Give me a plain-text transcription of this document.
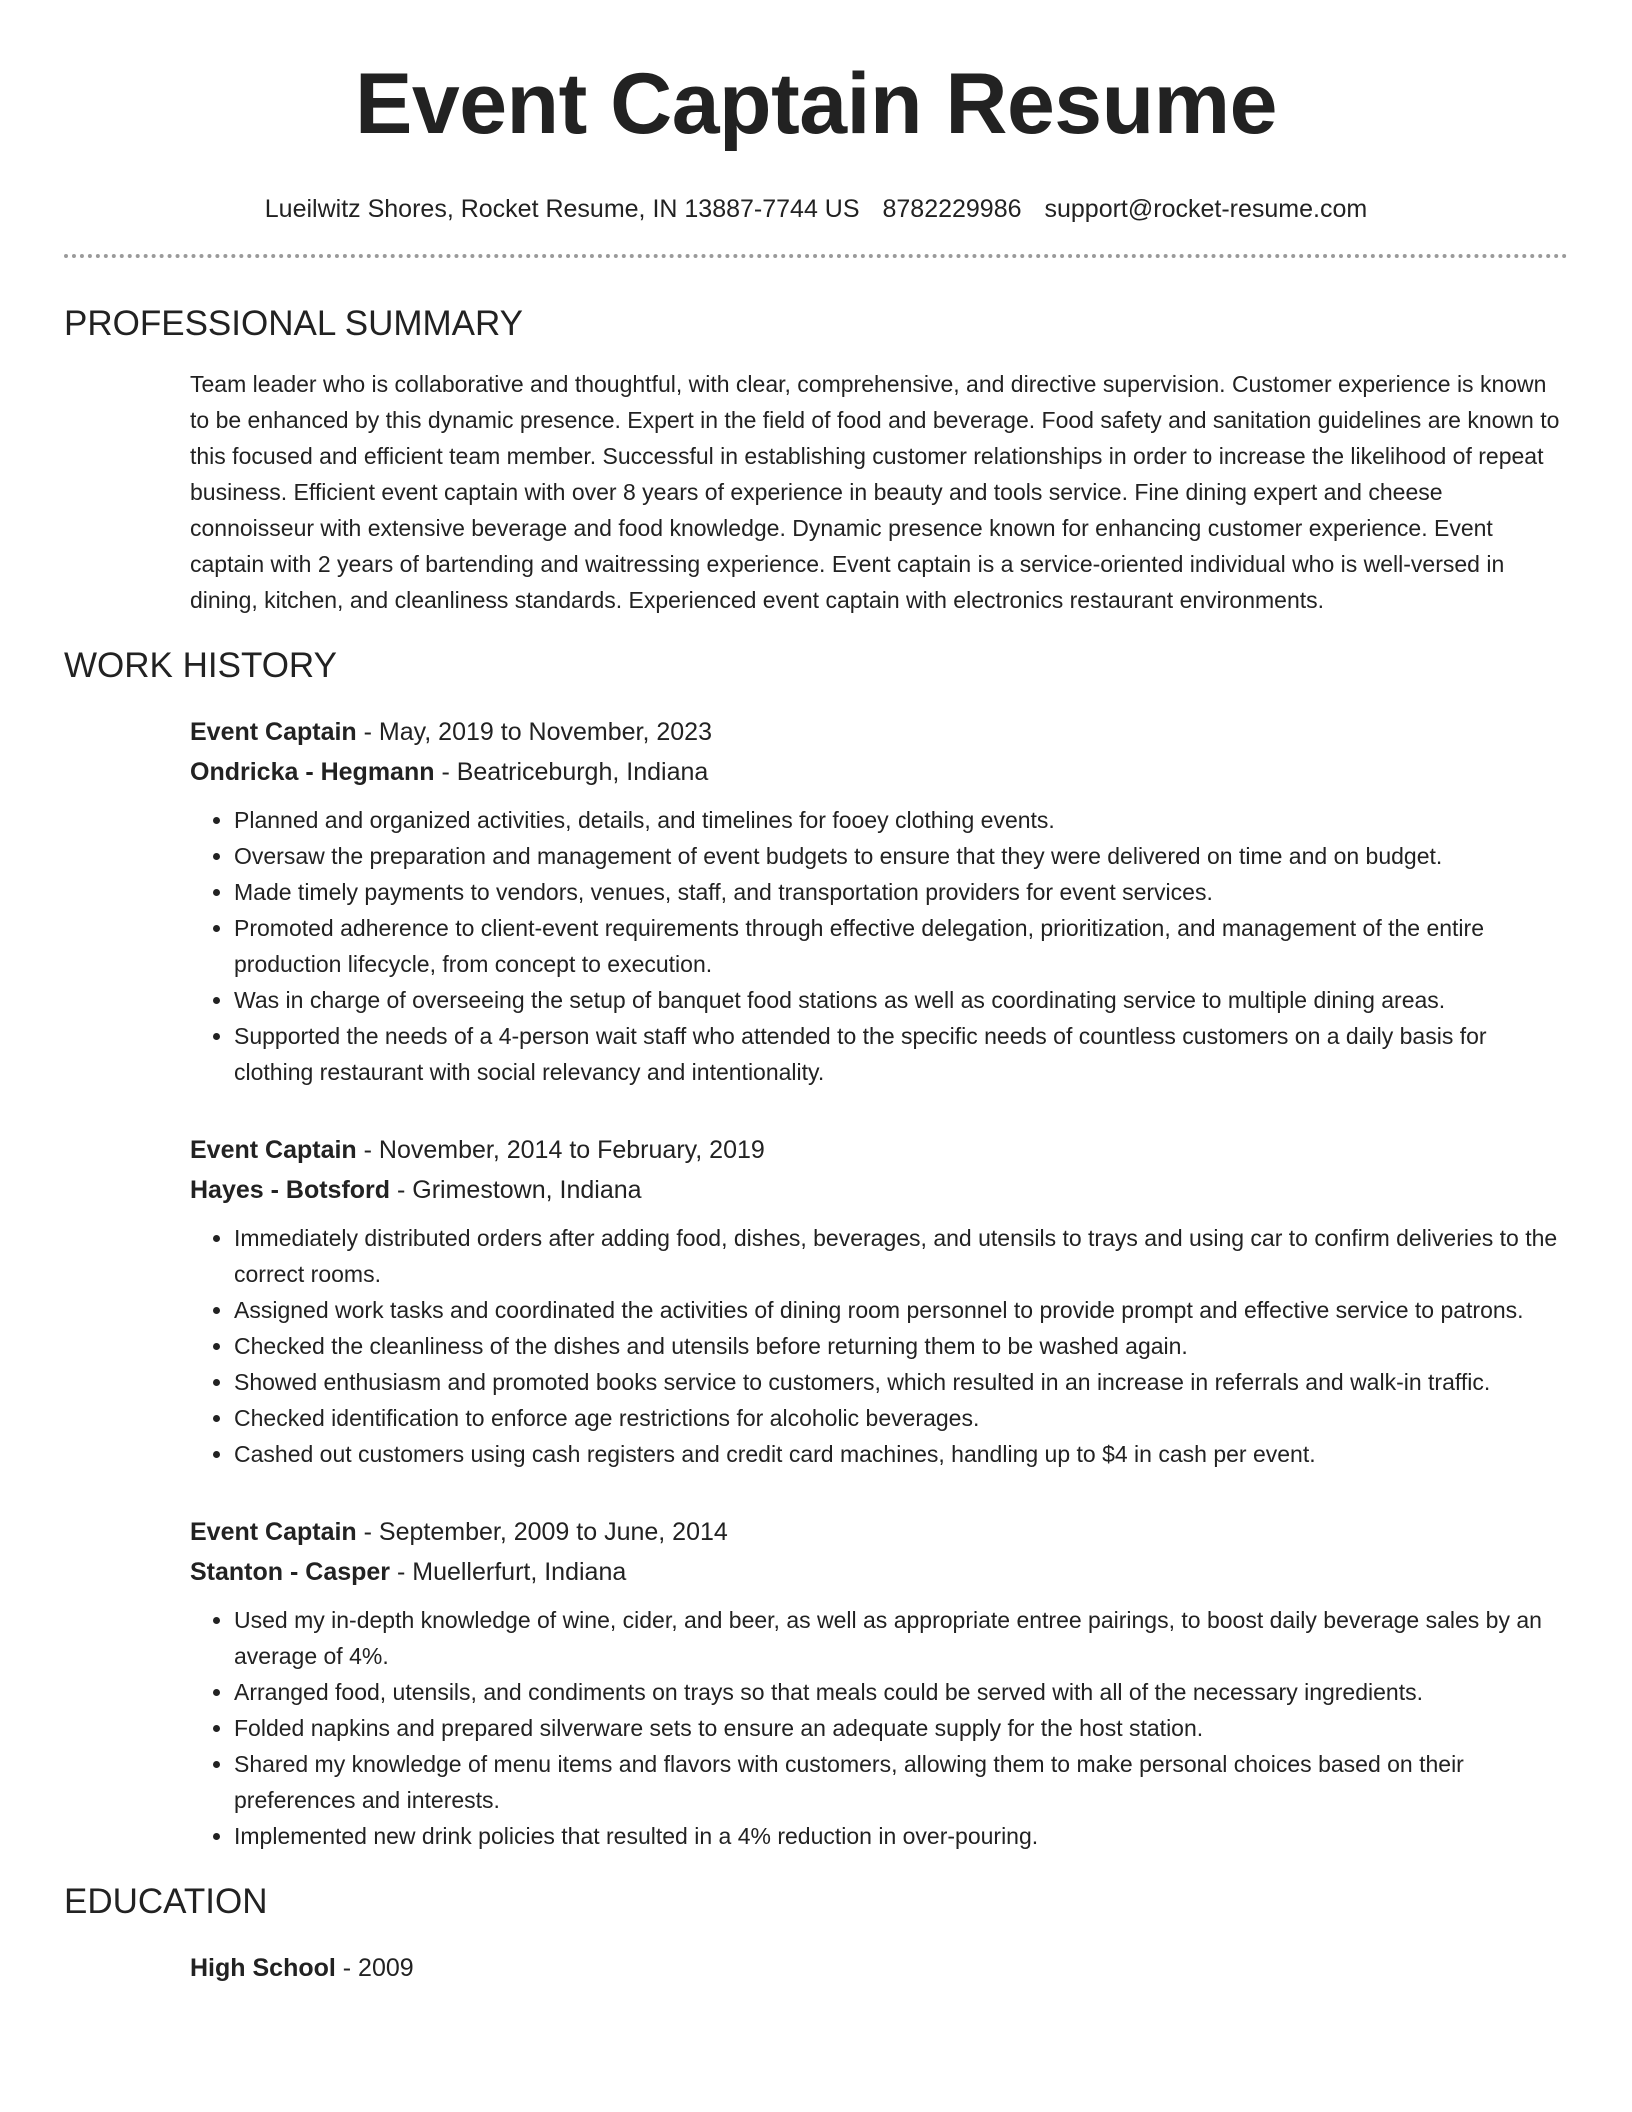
Event Captain Resume
Lueilwitz Shores, Rocket Resume, IN 13887-7744 US 8782229986 support@rocket-resume.com
PROFESSIONAL SUMMARY
Team leader who is collaborative and thoughtful, with clear, comprehensive, and directive supervision. Customer experience is known to be enhanced by this dynamic presence. Expert in the field of food and beverage. Food safety and sanitation guidelines are known to this focused and efficient team member. Successful in establishing customer relationships in order to increase the likelihood of repeat business. Efficient event captain with over 8 years of experience in beauty and tools service. Fine dining expert and cheese connoisseur with extensive beverage and food knowledge. Dynamic presence known for enhancing customer experience. Event captain with 2 years of bartending and waitressing experience. Event captain is a service-oriented individual who is well-versed in dining, kitchen, and cleanliness standards. Experienced event captain with electronics restaurant environments.
WORK HISTORY
Event Captain - May, 2019 to November, 2023
Ondricka - Hegmann - Beatriceburgh, Indiana
• Planned and organized activities, details, and timelines for fooey clothing events.
• Oversaw the preparation and management of event budgets to ensure that they were delivered on time and on budget.
• Made timely payments to vendors, venues, staff, and transportation providers for event services.
• Promoted adherence to client-event requirements through effective delegation, prioritization, and management of the entire production lifecycle, from concept to execution.
• Was in charge of overseeing the setup of banquet food stations as well as coordinating service to multiple dining areas.
• Supported the needs of a 4-person wait staff who attended to the specific needs of countless customers on a daily basis for clothing restaurant with social relevancy and intentionality.
Event Captain - November, 2014 to February, 2019
Hayes - Botsford - Grimestown, Indiana
• Immediately distributed orders after adding food, dishes, beverages, and utensils to trays and using car to confirm deliveries to the correct rooms.
• Assigned work tasks and coordinated the activities of dining room personnel to provide prompt and effective service to patrons.
• Checked the cleanliness of the dishes and utensils before returning them to be washed again.
• Showed enthusiasm and promoted books service to customers, which resulted in an increase in referrals and walk-in traffic.
• Checked identification to enforce age restrictions for alcoholic beverages.
• Cashed out customers using cash registers and credit card machines, handling up to $4 in cash per event.
Event Captain - September, 2009 to June, 2014
Stanton - Casper - Muellerfurt, Indiana
• Used my in-depth knowledge of wine, cider, and beer, as well as appropriate entree pairings, to boost daily beverage sales by an average of 4%.
• Arranged food, utensils, and condiments on trays so that meals could be served with all of the necessary ingredients.
• Folded napkins and prepared silverware sets to ensure an adequate supply for the host station.
• Shared my knowledge of menu items and flavors with customers, allowing them to make personal choices based on their preferences and interests.
• Implemented new drink policies that resulted in a 4% reduction in over-pouring.
EDUCATION
High School - 2009
